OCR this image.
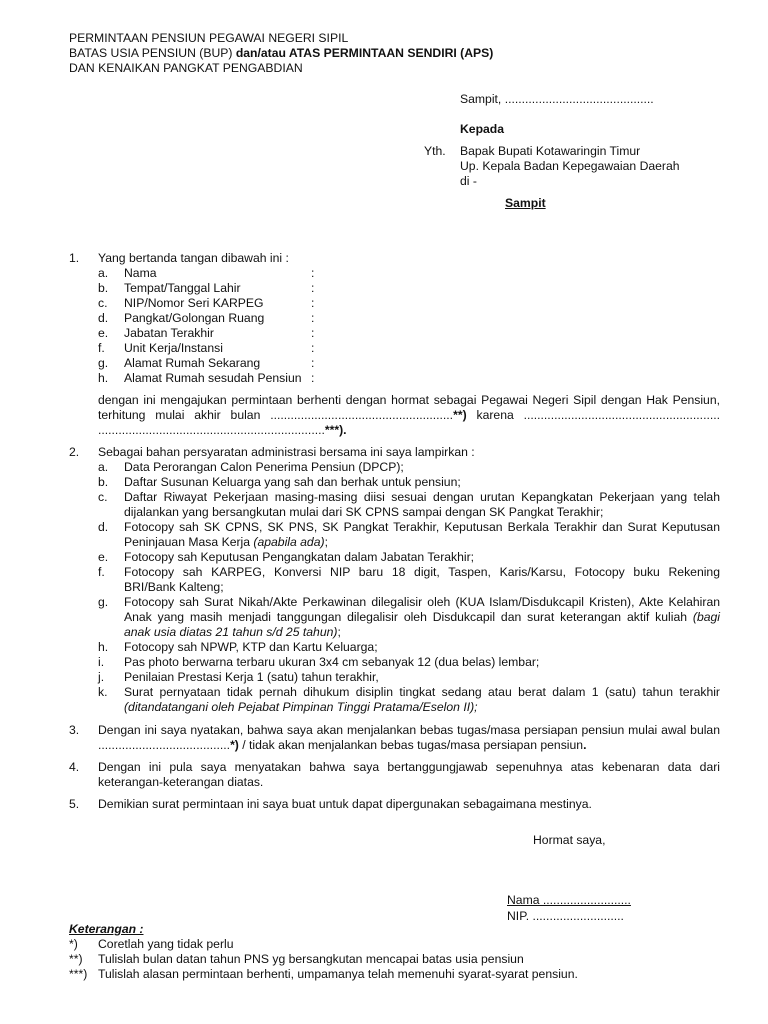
PERMINTAAN PENSIUN PEGAWAI NEGERI SIPIL
BATAS USIA PENSIUN (BUP) dan/atau ATAS PERMINTAAN SENDIRI (APS)
DAN KENAIKAN PANGKAT PENGABDIAN
Sampit, ............................................
Kepada
Yth. Bapak Bupati Kotawaringin Timur
Up. Kepala Badan Kepegawaian Daerah
di -
Sampit
1. Yang bertanda tangan dibawah ini :
a. Nama	:
b. Tempat/Tanggal Lahir	:
c. NIP/Nomor Seri KARPEG	:
d. Pangkat/Golongan Ruang	:
e. Jabatan Terakhir	:
f. Unit Kerja/Instansi	:
g. Alamat Rumah Sekarang	:
h. Alamat Rumah sesudah Pensiun :
dengan ini mengajukan permintaan berhenti dengan hormat sebagai Pegawai Negeri Sipil dengan Hak Pensiun,
terhitung mulai akhir bulan ......................................................**) karena ..........................................................
...................................................................***).
2. Sebagai bahan persyaratan administrasi bersama ini saya lampirkan :
a. Data Perorangan Calon Penerima Pensiun (DPCP);
b. Daftar Susunan Keluarga yang sah dan berhak untuk pensiun;
c. Daftar Riwayat Pekerjaan masing-masing diisi sesuai dengan urutan Kepangkatan Pekerjaan yang telah
dijalankan yang bersangkutan mulai dari SK CPNS sampai dengan SK Pangkat Terakhir;
d. Fotocopy sah SK CPNS, SK PNS, SK Pangkat Terakhir, Keputusan Berkala Terakhir dan Surat Keputusan
Peninjauan Masa Kerja (apabila ada);
e. Fotocopy sah Keputusan Pengangkatan dalam Jabatan Terakhir;
f. Fotocopy sah KARPEG, Konversi NIP baru 18 digit, Taspen, Karis/Karsu, Fotocopy buku Rekening
BRI/Bank Kalteng;
g. Fotocopy sah Surat Nikah/Akte Perkawinan dilegalisir oleh (KUA Islam/Disdukcapil Kristen), Akte Kelahiran
Anak yang masih menjadi tanggungan dilegalisir oleh Disdukcapil dan surat keterangan aktif kuliah (bagi
anak usia diatas 21 tahun s/d 25 tahun);
h. Fotocopy sah NPWP, KTP dan Kartu Keluarga;
i. Pas photo berwarna terbaru ukuran 3x4 cm sebanyak 12 (dua belas) lembar;
j. Penilaian Prestasi Kerja 1 (satu) tahun terakhir,
k. Surat pernyataan tidak pernah dihukum disiplin tingkat sedang atau berat dalam 1 (satu) tahun terakhir
(ditandatangani oleh Pejabat Pimpinan Tinggi Pratama/Eselon II);
3. Dengan ini saya nyatakan, bahwa saya akan menjalankan bebas tugas/masa persiapan pensiun mulai awal bulan
.......................................*) / tidak akan menjalankan bebas tugas/masa persiapan pensiun.
4. Dengan ini pula saya menyatakan bahwa saya bertanggungjawab sepenuhnya atas kebenaran data dari
keterangan-keterangan diatas.
5. Demikian surat permintaan ini saya buat untuk dapat dipergunakan sebagaimana mestinya.
Hormat saya,
Nama ..........................
NIP. ...........................
Keterangan :
*) Coretlah yang tidak perlu
**) Tulislah bulan datan tahun PNS yg bersangkutan mencapai batas usia pensiun
***) Tulislah alasan permintaan berhenti, umpamanya telah memenuhi syarat-syarat pensiun.
